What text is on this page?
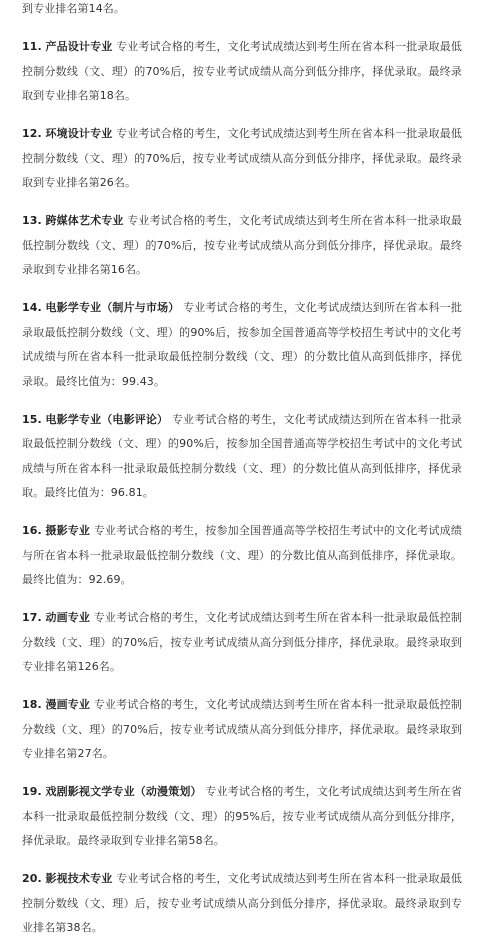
到专业排名第14名。

11. 产品设计专业 专业考试合格的考生，文化考试成绩达到考生所在省本科一批录取最低控制分数线（文、理）的70%后，按专业考试成绩从高分到低分排序，择优录取。最终录取到专业排名第18名。

12. 环境设计专业 专业考试合格的考生，文化考试成绩达到考生所在省本科一批录取最低控制分数线（文、理）的70%后，按专业考试成绩从高分到低分排序，择优录取。最终录取到专业排名第26名。

13. 跨媒体艺术专业 专业考试合格的考生，文化考试成绩达到考生所在省本科一批录取最低控制分数线（文、理）的70%后，按专业考试成绩从高分到低分排序，择优录取。最终录取到专业排名第16名。

14. 电影学专业（制片与市场） 专业考试合格的考生，文化考试成绩达到所在省本科一批录取最低控制分数线（文、理）的90%后，按参加全国普通高等学校招生考试中的文化考试成绩与所在省本科一批录取最低控制分数线（文、理）的分数比值从高到低排序，择优录取。最终比值为：99.43。

15. 电影学专业（电影评论） 专业考试合格的考生，文化考试成绩达到所在省本科一批录取最低控制分数线（文、理）的90%后，按参加全国普通高等学校招生考试中的文化考试成绩与所在省本科一批录取最低控制分数线（文、理）的分数比值从高到低排序，择优录取。最终比值为：96.81。

16. 摄影专业 专业考试合格的考生，按参加全国普通高等学校招生考试中的文化考试成绩与所在省本科一批录取最低控制分数线（文、理）的分数比值从高到低排序，择优录取。最终比值为：92.69。

17. 动画专业 专业考试合格的考生，文化考试成绩达到考生所在省本科一批录取最低控制分数线（文、理）的70%后，按专业考试成绩从高分到低分排序，择优录取。最终录取到专业排名第126名。

18. 漫画专业 专业考试合格的考生，文化考试成绩达到考生所在省本科一批录取最低控制分数线（文、理）的70%后，按专业考试成绩从高分到低分排序，择优录取。最终录取到专业排名第27名。

19. 戏剧影视文学专业（动漫策划） 专业考试合格的考生，文化考试成绩达到考生所在省本科一批录取最低控制分数线（文、理）的95%后，按专业考试成绩从高分到低分排序，择优录取。最终录取到专业排名第58名。

20. 影视技术专业 专业考试合格的考生，文化考试成绩达到考生所在省本科一批录取最低控制分数线（文、理）后，按专业考试成绩从高分到低分排序，择优录取。最终录取到专业排名第38名。
